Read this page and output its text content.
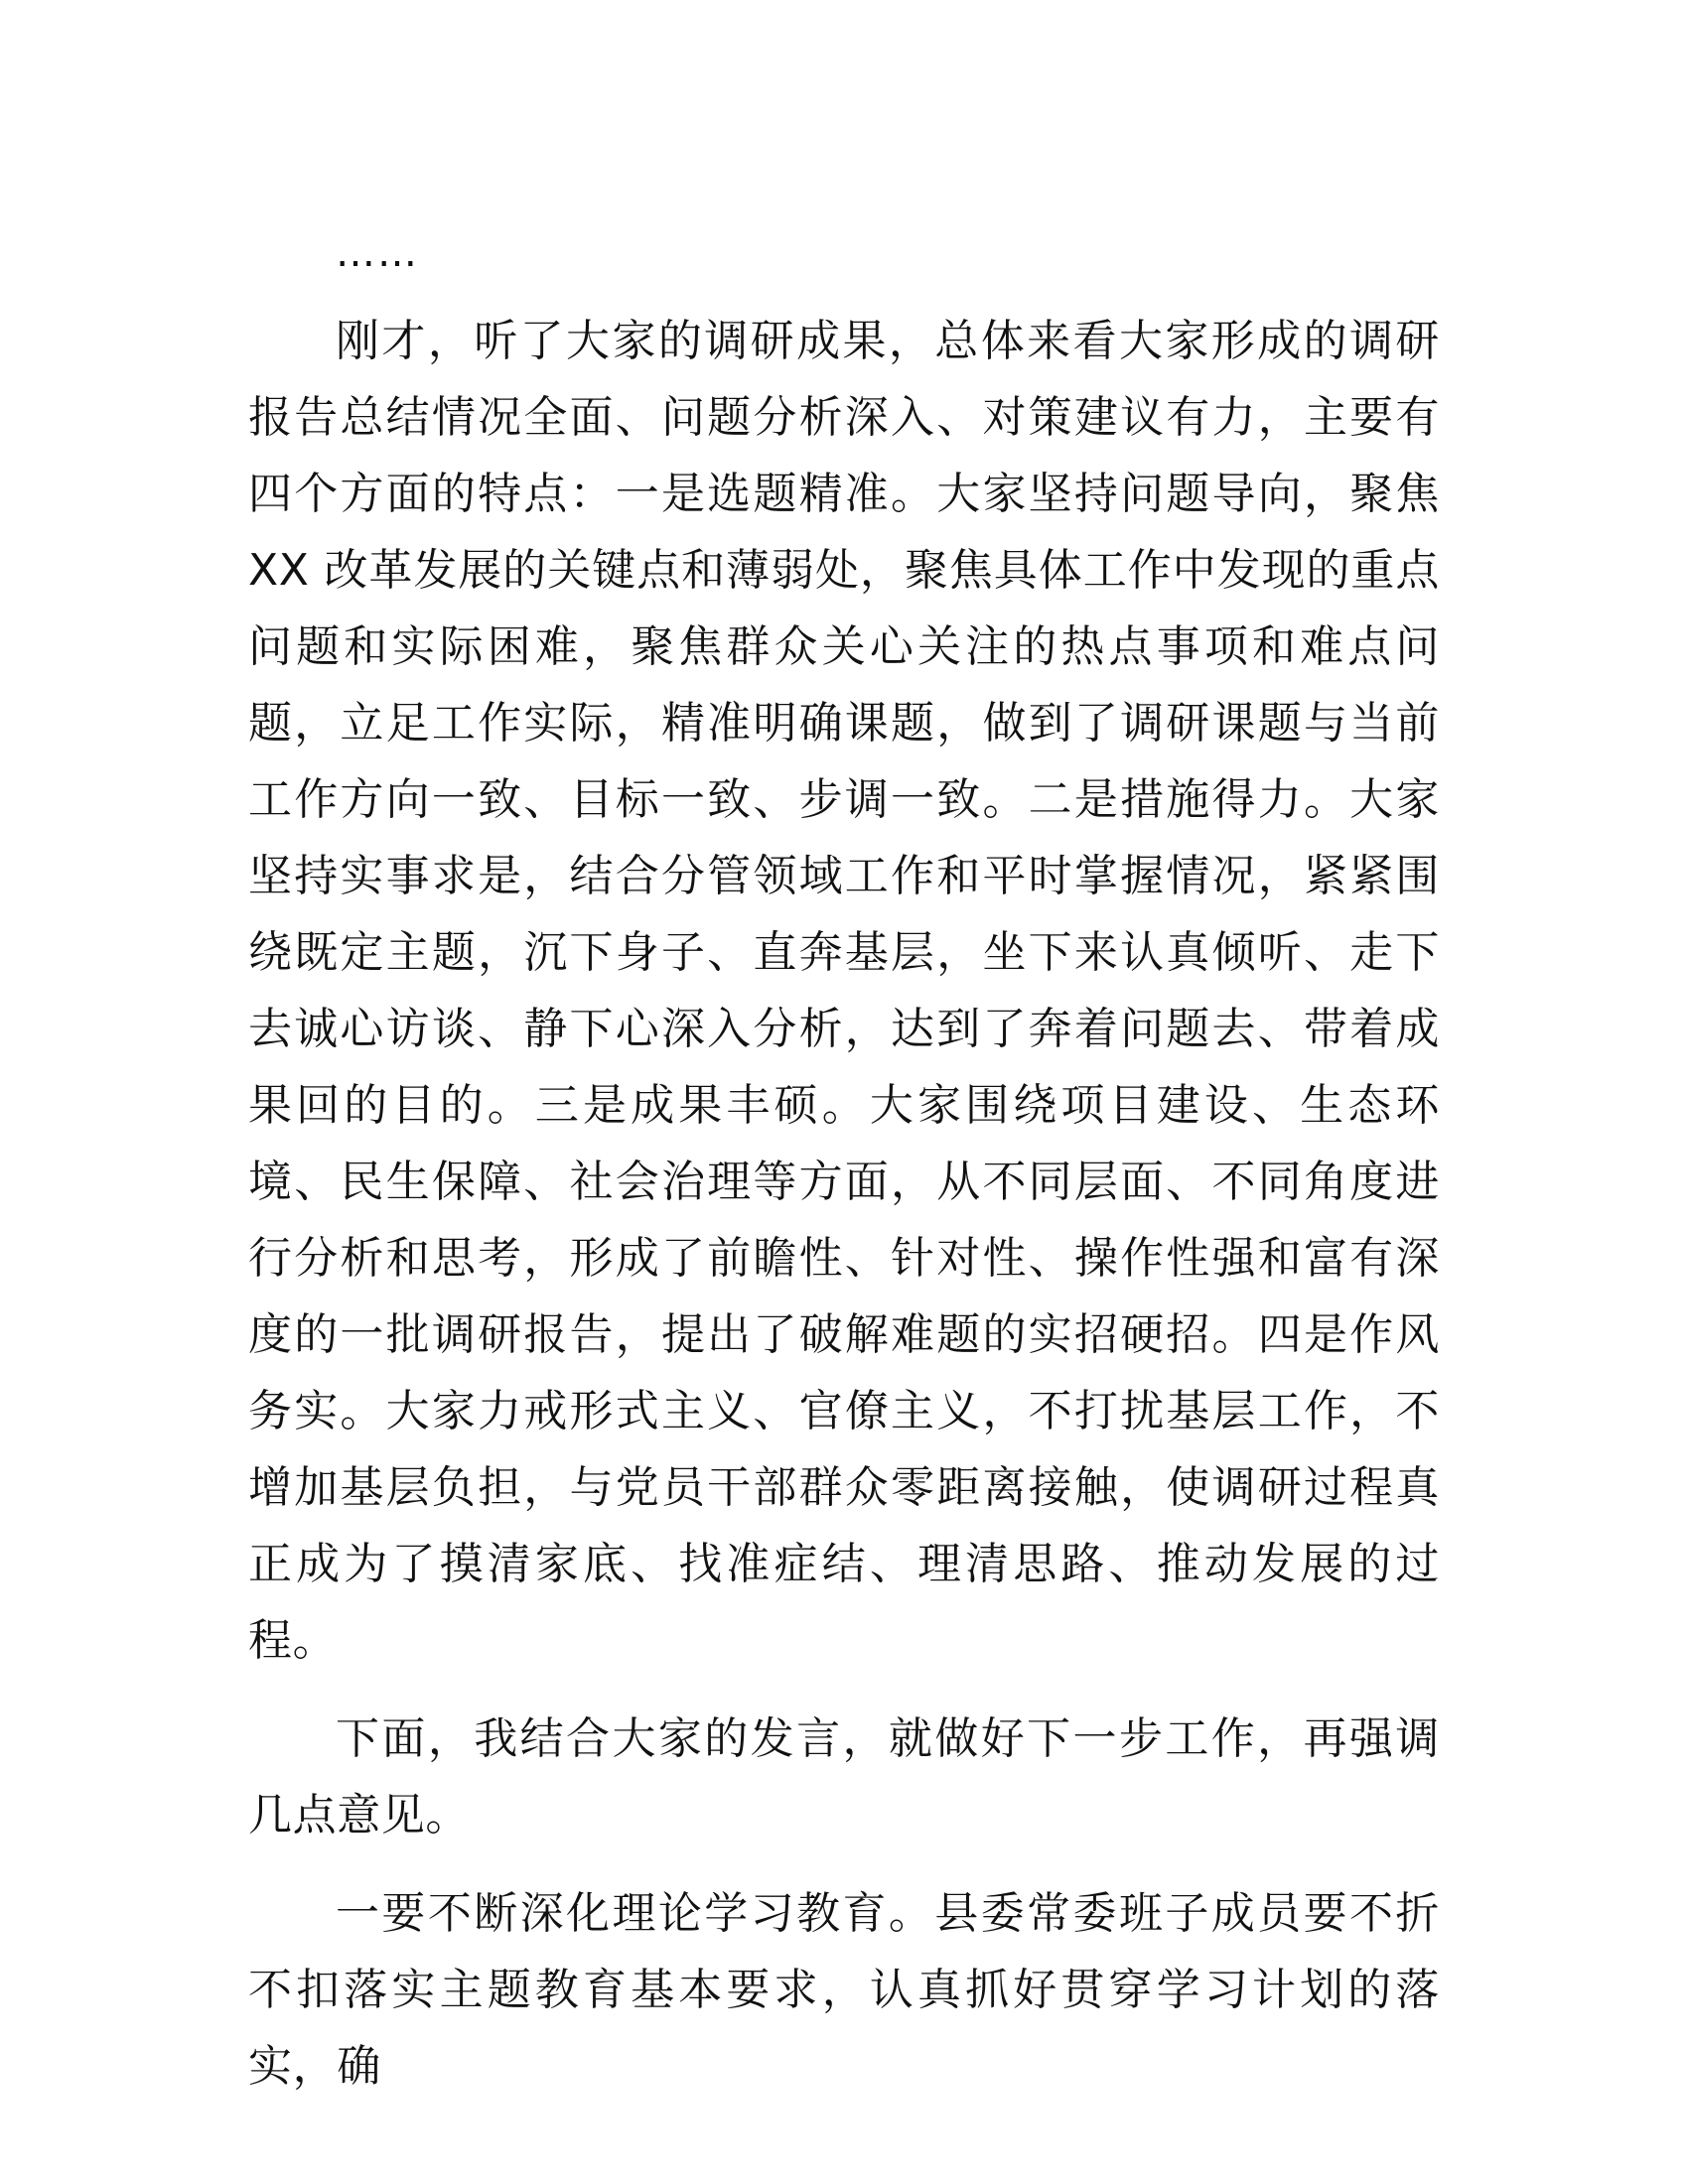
……

刚才，听了大家的调研成果，总体来看大家形成的调研报告总结情况全面、问题分析深入、对策建议有力，主要有四个方面的特点：一是选题精准。大家坚持问题导向，聚焦 XX 改革发展的关键点和薄弱处，聚焦具体工作中发现的重点问题和实际困难，聚焦群众关心关注的热点事项和难点问题，立足工作实际，精准明确课题，做到了调研课题与当前工作方向一致、目标一致、步调一致。二是措施得力。大家坚持实事求是，结合分管领域工作和平时掌握情况，紧紧围绕既定主题，沉下身子、直奔基层，坐下来认真倾听、走下去诚心访谈、静下心深入分析，达到了奔着问题去、带着成果回的目的。三是成果丰硕。大家围绕项目建设、生态环境、民生保障、社会治理等方面，从不同层面、不同角度进行分析和思考，形成了前瞻性、针对性、操作性强和富有深度的一批调研报告，提出了破解难题的实招硬招。四是作风务实。大家力戒形式主义、官僚主义，不打扰基层工作，不增加基层负担，与党员干部群众零距离接触，使调研过程真正成为了摸清家底、找准症结、理清思路、推动发展的过程。

下面，我结合大家的发言，就做好下一步工作，再强调几点意见。

一要不断深化理论学习教育。县委常委班子成员要不折不扣落实主题教育基本要求，认真抓好贯穿学习计划的落实，确
